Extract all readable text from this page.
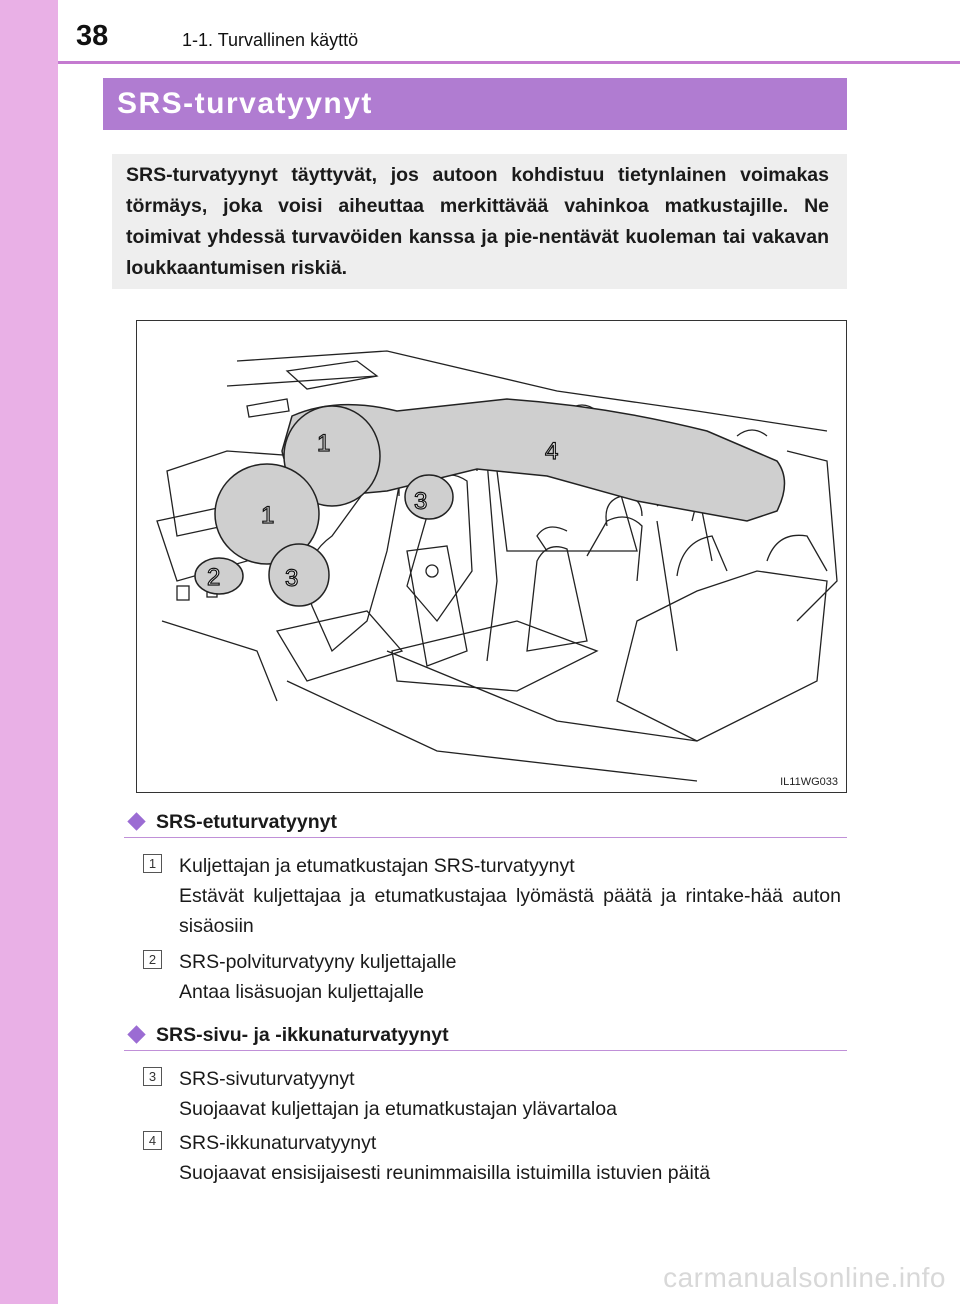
38	1-1. Turvallinen käyttö
SRS-turvatyynyt

SRS-turvatyynyt täyttyvät, jos autoon kohdistuu tietynlainen voimakas törmäys, joka voisi aiheuttaa merkittävää vahinkoa matkustajille. Ne toimivat yhdessä turvavöiden kanssa ja pie-nentävät kuoleman tai vakavan loukkaantumisen riskiä.

1
1
2	3
3
4
IL11WG033
SRS-etuturvatyynyt
1	Kuljettajan ja etumatkustajan SRS-turvatyynyt
Estävät kuljettajaa ja etumatkustajaa lyömästä päätä ja rintake-hää auton sisäosiin
2	SRS-polviturvatyyny kuljettajalle
Antaa lisäsuojan kuljettajalle
SRS-sivu- ja -ikkunaturvatyynyt
3	SRS-sivuturvatyynyt
Suojaavat kuljettajan ja etumatkustajan ylävartaloa
4	SRS-ikkunaturvatyynyt
Suojaavat ensisijaisesti reunimmaisilla istuimilla istuvien päitä
carmanualsonline.info
